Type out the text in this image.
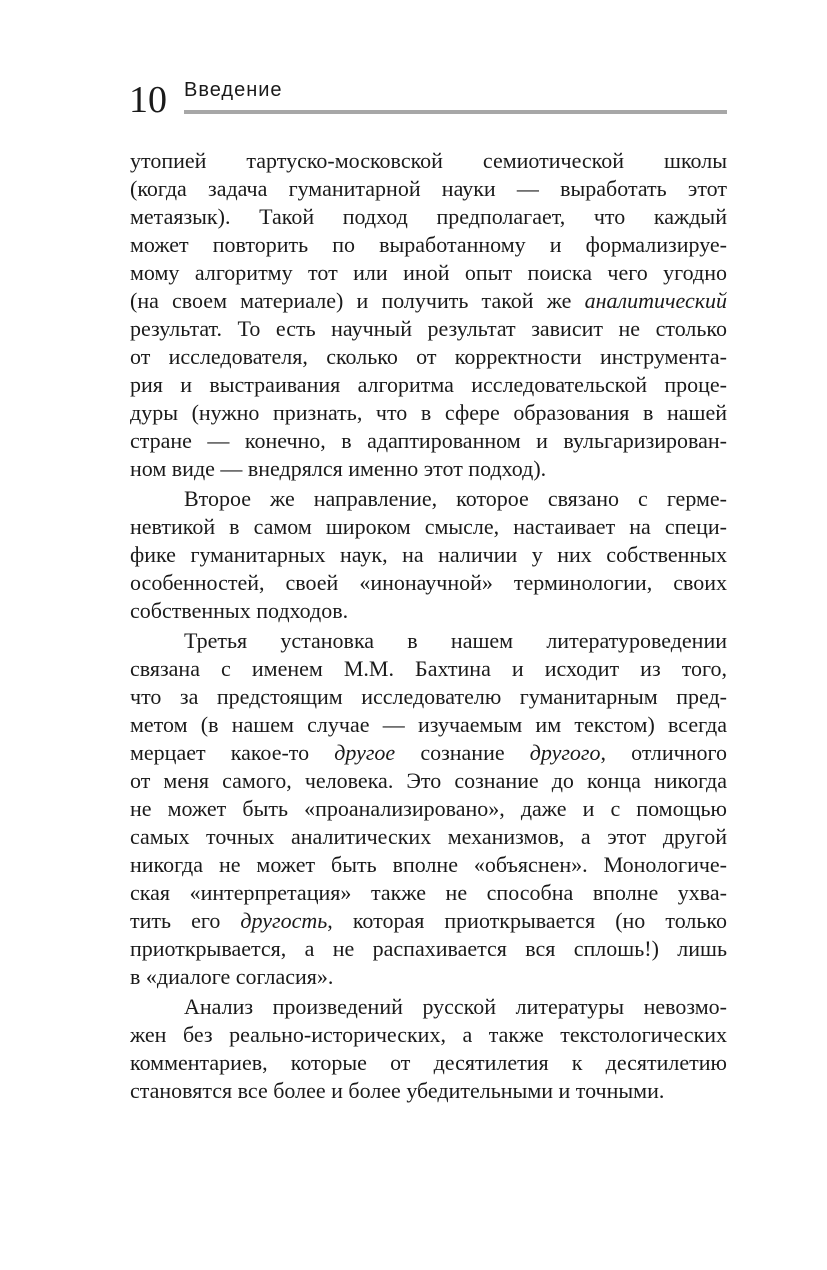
10 Введение
утопией тартуско-московской семиотической школы
(когда задача гуманитарной науки — выработать этот
метаязык). Такой подход предполагает, что каждый
может повторить по выработанному и формализируе-
мому алгоритму тот или иной опыт поиска чего угодно
(на своем материале) и получить такой же аналитический
результат. То есть научный результат зависит не столько
от исследователя, сколько от корректности инструмента-
рия и выстраивания алгоритма исследовательской проце-
дуры (нужно признать, что в сфере образования в нашей
стране — конечно, в адаптированном и вульгаризирован-
ном виде — внедрялся именно этот подход).
Второе же направление, которое связано с герме-
невтикой в самом широком смысле, настаивает на специ-
фике гуманитарных наук, на наличии у них собственных
особенностей, своей «инонаучной» терминологии, своих
собственных подходов.
Третья установка в нашем литературоведении
связана с именем М.М. Бахтина и исходит из того,
что за предстоящим исследователю гуманитарным пред-
метом (в нашем случае — изучаемым им текстом) всегда
мерцает какое-то другое сознание другого, отличного
от меня самого, человека. Это сознание до конца никогда
не может быть «проанализировано», даже и с помощью
самых точных аналитических механизмов, а этот другой
никогда не может быть вполне «объяснен». Монологиче-
ская «интерпретация» также не способна вполне ухва-
тить его другость, которая приоткрывается (но только
приоткрывается, а не распахивается вся сплошь!) лишь
в «диалоге согласия».
Анализ произведений русской литературы невозмо-
жен без реально-исторических, а также текстологических
комментариев, которые от десятилетия к десятилетию
становятся все более и более убедительными и точными.
